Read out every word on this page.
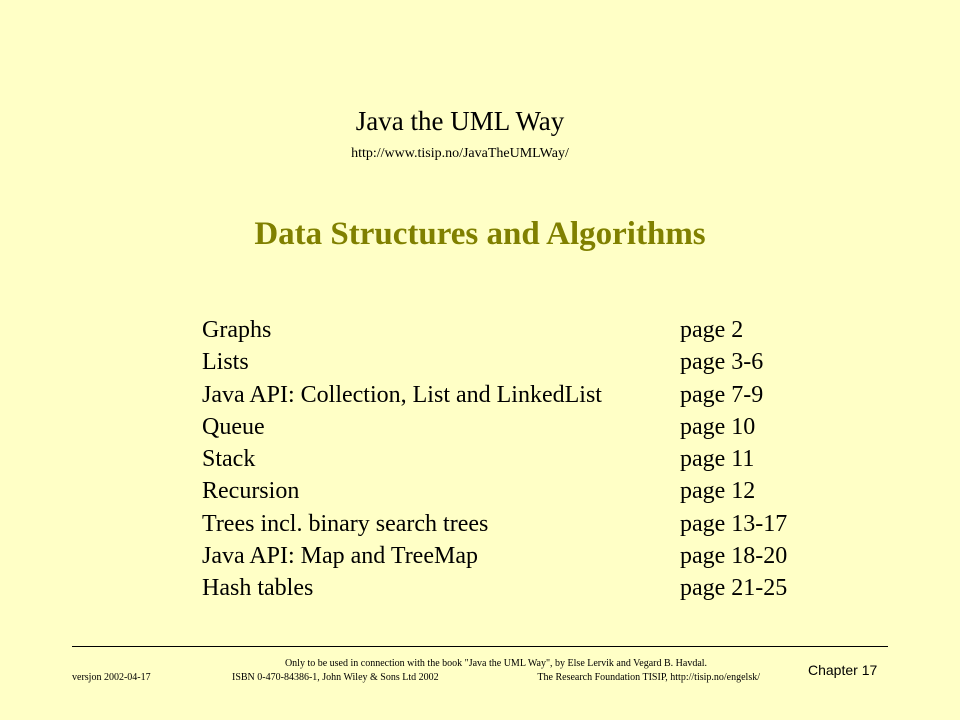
Java the UML Way
http://www.tisip.no/JavaTheUMLWay/
Data Structures and Algorithms
Graphs	page 2
Lists	page 3-6
Java API: Collection, List and LinkedList	page 7-9
Queue	page 10
Stack	page 11
Recursion	page 12
Trees incl. binary search trees	page 13-17
Java API: Map and TreeMap	page 18-20
Hash tables	page 21-25
versjon 2002-04-17
Only to be used in connection with the book "Java the UML Way", by Else Lervik and Vegard B. Havdal.
ISBN 0-470-84386-1, John Wiley & Sons Ltd 2002	The Research Foundation TISIP, http://tisip.no/engelsk/	Chapter 17
